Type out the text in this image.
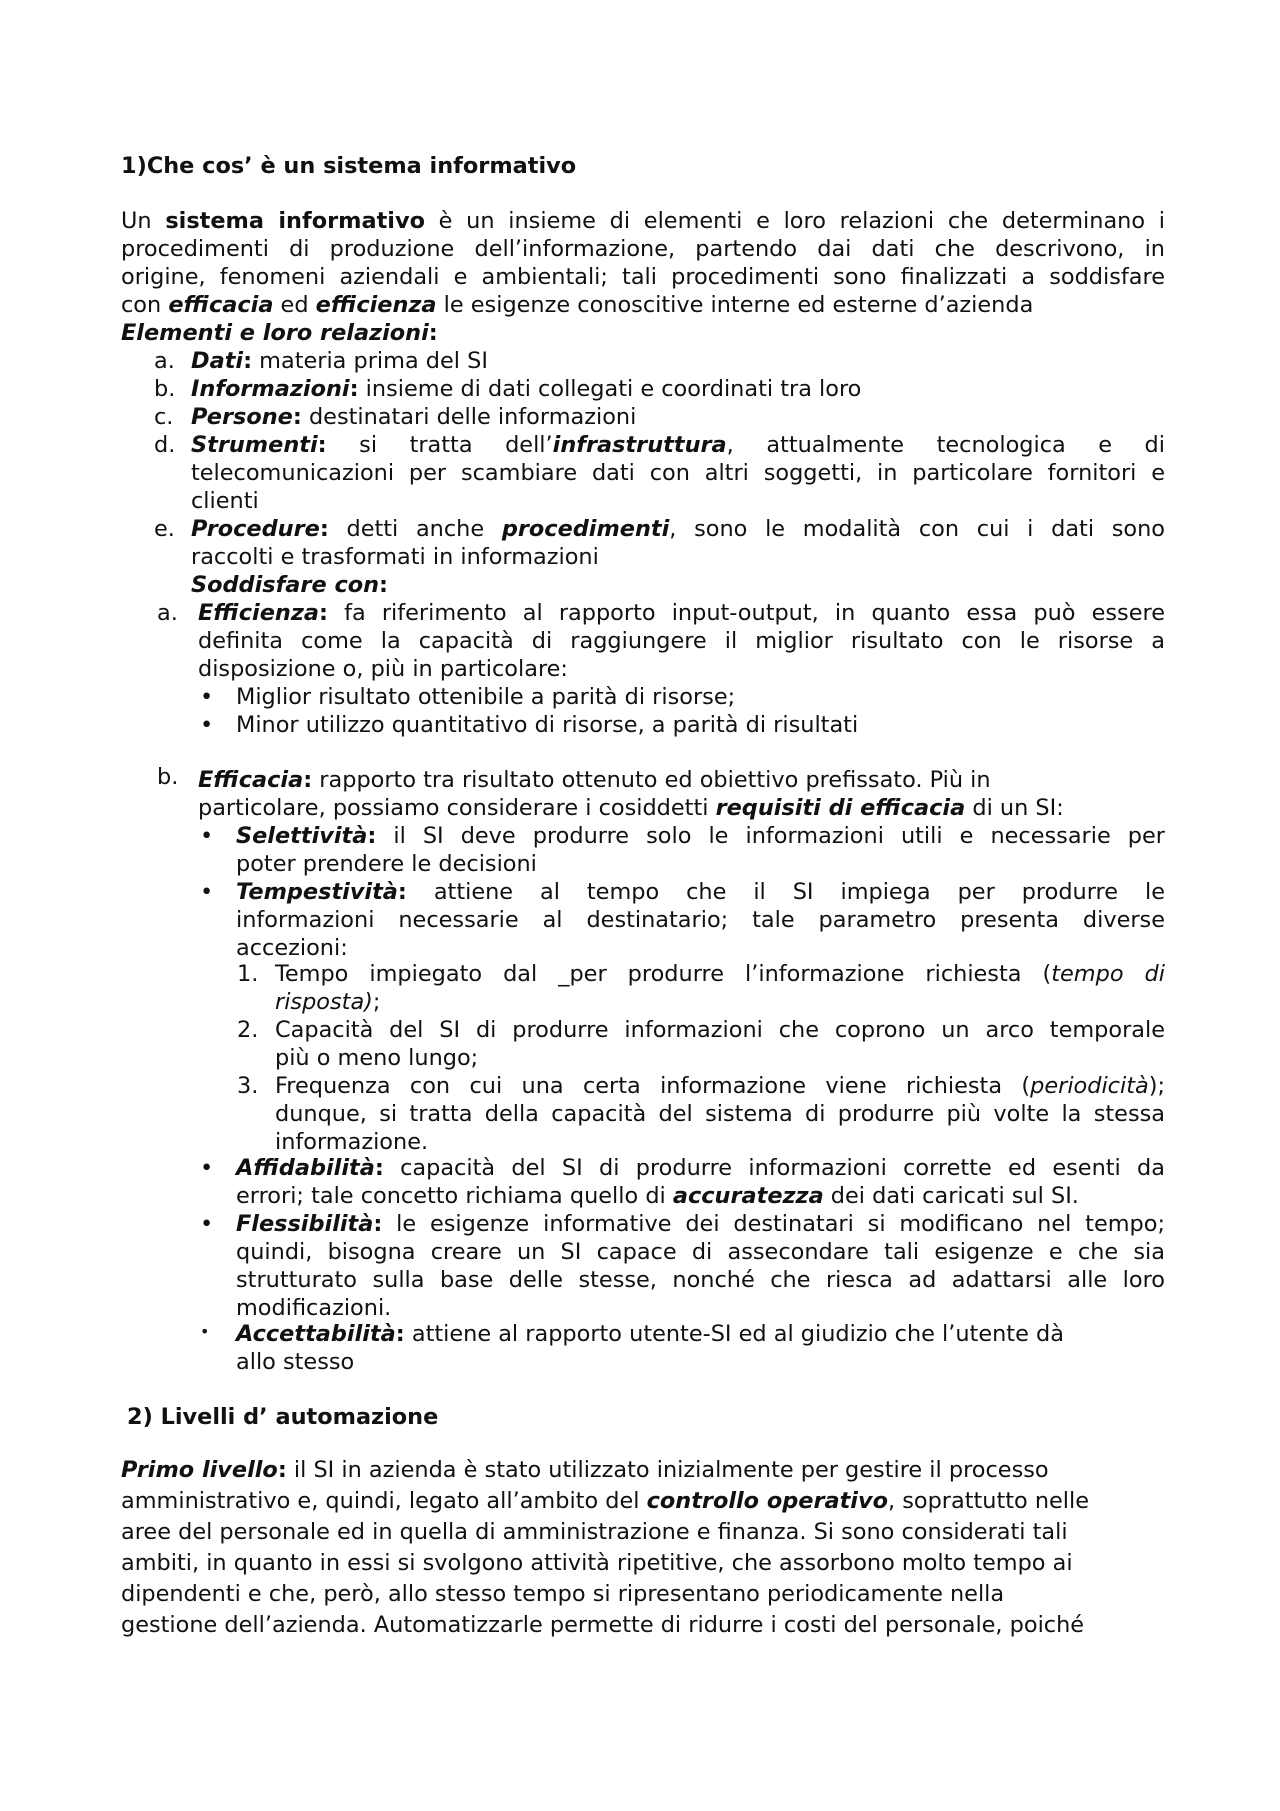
1)Che cos’ è un sistema informativo
Un sistema informativo è un insieme di elementi e loro relazioni che determinano i
procedimenti di produzione dell’informazione, partendo dai dati che descrivono, in
origine, fenomeni aziendali e ambientali; tali procedimenti sono finalizzati a soddisfare
con efficacia ed efficienza le esigenze conoscitive interne ed esterne d’azienda
Elementi e loro relazioni:
a. Dati: materia prima del SI
b. Informazioni: insieme di dati collegati e coordinati tra loro
c. Persone: destinatari delle informazioni
d. Strumenti: si tratta dell’infrastruttura, attualmente tecnologica e di
telecomunicazioni per scambiare dati con altri soggetti, in particolare fornitori e
clienti
e. Procedure: detti anche procedimenti, sono le modalità con cui i dati sono
raccolti e trasformati in informazioni
Soddisfare con:
a. Efficienza: fa riferimento al rapporto input-output, in quanto essa può essere
definita come la capacità di raggiungere il miglior risultato con le risorse a
disposizione o, più in particolare:
• Miglior risultato ottenibile a parità di risorse;
• Minor utilizzo quantitativo di risorse, a parità di risultati
b. Efficacia: rapporto tra risultato ottenuto ed obiettivo prefissato. Più in
particolare, possiamo considerare i cosiddetti requisiti di efficacia di un SI:
• Selettività: il SI deve produrre solo le informazioni utili e necessarie per
poter prendere le decisioni
• Tempestività: attiene al tempo che il SI impiega per produrre le
informazioni necessarie al destinatario; tale parametro presenta diverse
accezioni:
1. Tempo impiegato dal _per produrre l’informazione richiesta (tempo di
risposta);
2. Capacità del SI di produrre informazioni che coprono un arco temporale
più o meno lungo;
3. Frequenza con cui una certa informazione viene richiesta (periodicità);
dunque, si tratta della capacità del sistema di produrre più volte la stessa
informazione.
• Affidabilità: capacità del SI di produrre informazioni corrette ed esenti da
errori; tale concetto richiama quello di accuratezza dei dati caricati sul SI.
• Flessibilità: le esigenze informative dei destinatari si modificano nel tempo;
quindi, bisogna creare un SI capace di assecondare tali esigenze e che sia
strutturato sulla base delle stesse, nonché che riesca ad adattarsi alle loro
modificazioni.
• Accettabilità: attiene al rapporto utente-SI ed al giudizio che l’utente dà
allo stesso
2) Livelli d’ automazione
Primo livello: il SI in azienda è stato utilizzato inizialmente per gestire il processo
amministrativo e, quindi, legato all’ambito del controllo operativo, soprattutto nelle
aree del personale ed in quella di amministrazione e finanza. Si sono considerati tali
ambiti, in quanto in essi si svolgono attività ripetitive, che assorbono molto tempo ai
dipendenti e che, però, allo stesso tempo si ripresentano periodicamente nella
gestione dell’azienda. Automatizzarle permette di ridurre i costi del personale, poiché
